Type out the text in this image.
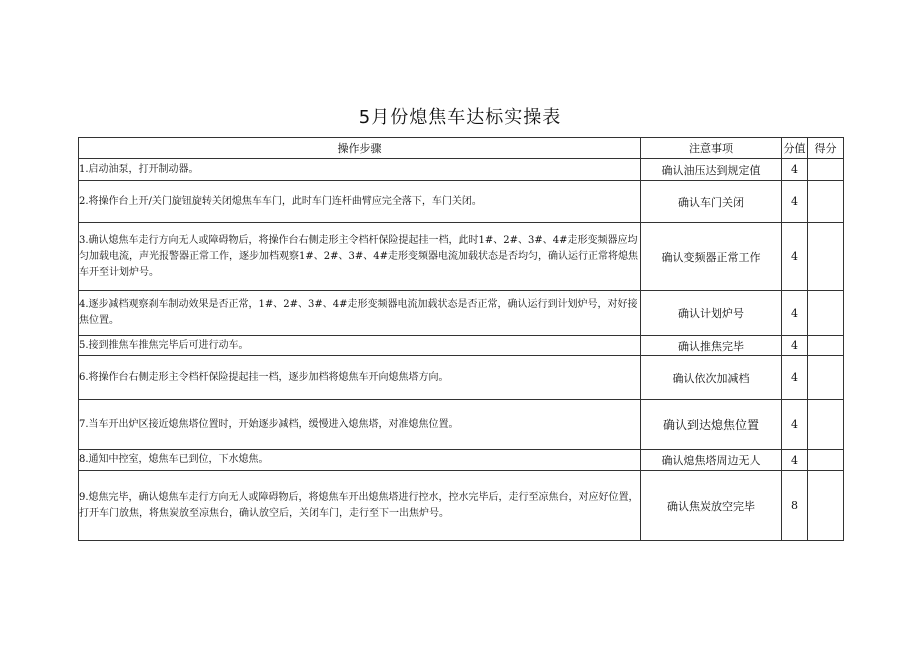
5月份熄焦车达标实操表
操作步骤	注意事项	分值	得分
1.启动油泵，打开制动器。	确认油压达到规定值	4	
2.将操作台上开/关门旋钮旋转关闭熄焦车车门，此时车门连杆曲臂应完全落下，车门关闭。	确认车门关闭	4	
3.确认熄焦车走行方向无人或障碍物后，将操作台右侧走形主令档杆保险提起挂一档，此时1#、2#、3#、4#走形变频器应均匀加载电流，声光报警器正常工作，逐步加档观察1#、2#、3#、4#走形变频器电流加载状态是否均匀，确认运行正常将熄焦车开至计划炉号。	确认变频器正常工作	4	
4.逐步减档观察刹车制动效果是否正常，1#、2#、3#、4#走形变频器电流加载状态是否正常，确认运行到计划炉号，对好接焦位置。	确认计划炉号	4	
5.接到推焦车推焦完毕后可进行动车。	确认推焦完毕	4	
6.将操作台右侧走形主令档杆保险提起挂一档，逐步加档将熄焦车开向熄焦塔方向。	确认依次加减档	4	
7.当车开出炉区接近熄焦塔位置时，开始逐步减档，缓慢进入熄焦塔，对准熄焦位置。	确认到达熄焦位置	4	
8.通知中控室，熄焦车已到位，下水熄焦。	确认熄焦塔周边无人	4	
9.熄焦完毕，确认熄焦车走行方向无人或障碍物后，将熄焦车开出熄焦塔进行控水，控水完毕后，走行至凉焦台，对应好位置，打开车门放焦，将焦炭放至凉焦台，确认放空后，关闭车门，走行至下一出焦炉号。	确认焦炭放空完毕	8	
